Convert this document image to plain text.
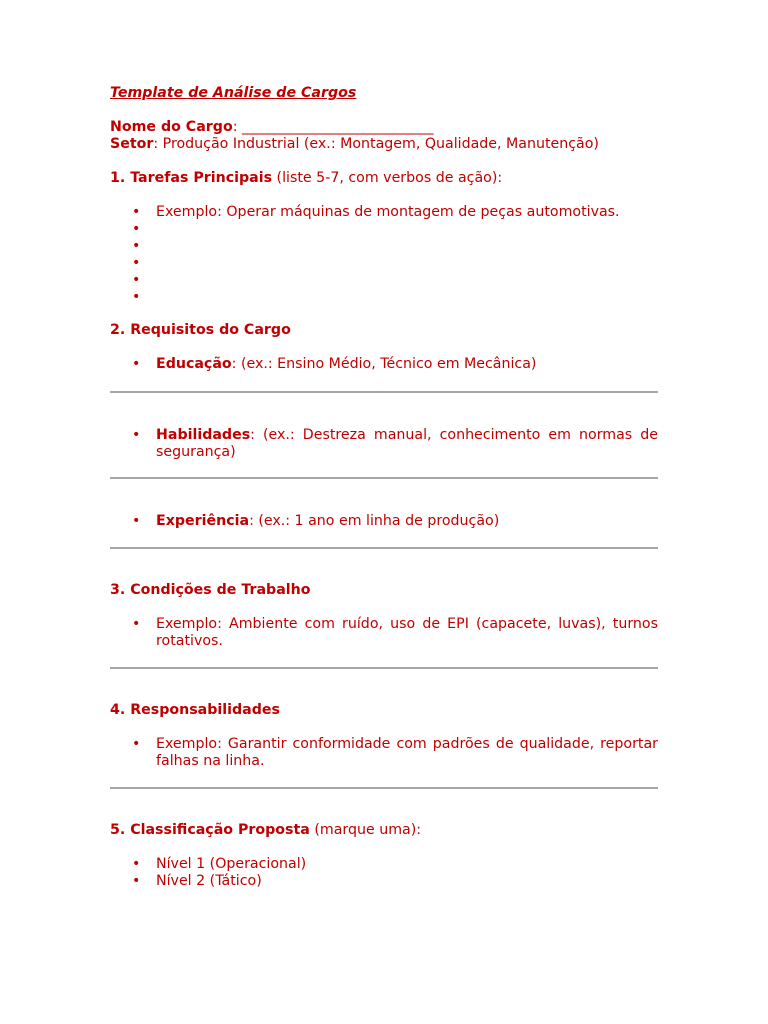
Template de Análise de Cargos
Nome do Cargo: ___________________________
Setor: Produção Industrial (ex.: Montagem, Qualidade, Manutenção)
1. Tarefas Principais (liste 5-7, com verbos de ação):
• Exemplo: Operar máquinas de montagem de peças automotivas.
•

•

•

•

•

2. Requisitos do Cargo
• Educação: (ex.: Ensino Médio, Técnico em Mecânica)
• Habilidades: (ex.: Destreza manual, conhecimento em normas de segurança)
• Experiência: (ex.: 1 ano em linha de produção)
3. Condições de Trabalho
• Exemplo: Ambiente com ruído, uso de EPI (capacete, luvas), turnos rotativos.
4. Responsabilidades
• Exemplo: Garantir conformidade com padrões de qualidade, reportar falhas na linha.
5. Classificação Proposta (marque uma):
• Nível 1 (Operacional)
• Nível 2 (Tático)
